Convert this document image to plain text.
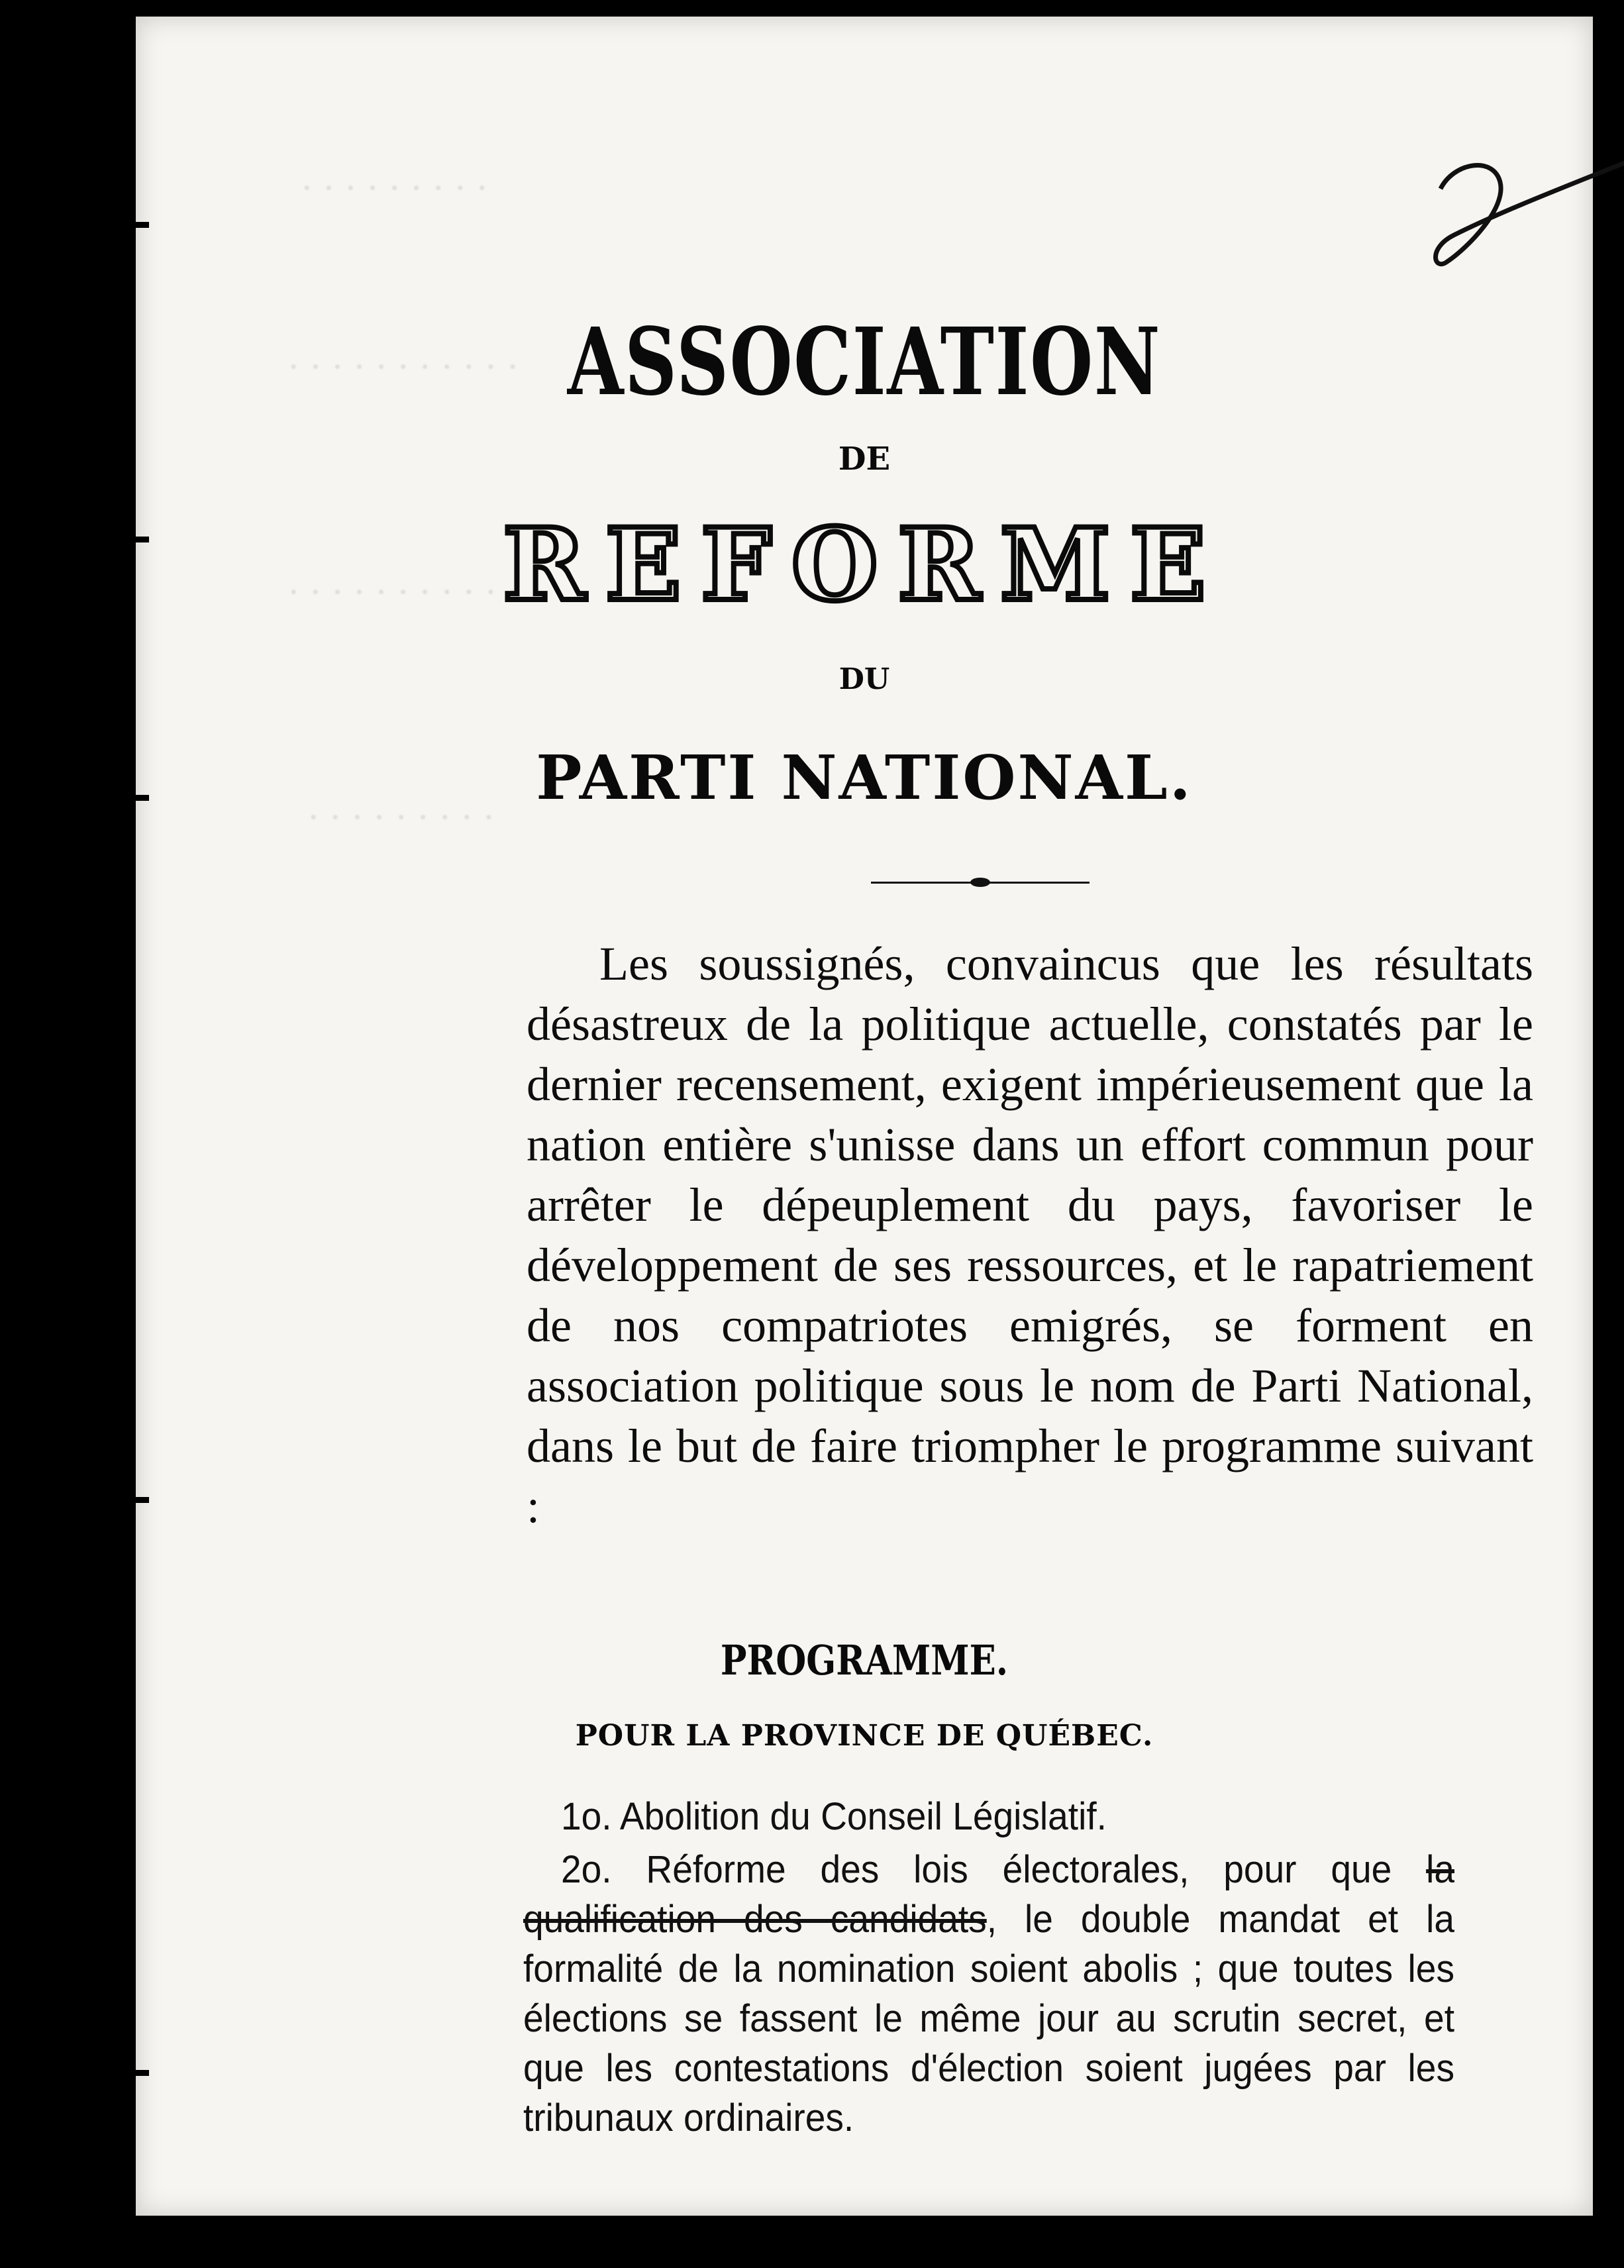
· · · · · · · · ·
· · · · · · · · · · ·
· · · · · · · · · · ·
· · · · · · · · ·
ASSOCIATION
DE
REFORME
DU
PARTI NATIONAL.
Les soussignés, convaincus que les résultats désastreux de la politique actuelle, constatés par le dernier recensement, exigent impérieusement que la nation entière s'unisse dans un effort commun pour arrêter le dépeuplement du pays, favoriser le développement de ses ressources, et le rapatriement de nos compatriotes emigrés, se forment en association politique sous le nom de Parti National, dans le but de faire triompher le programme suivant :
PROGRAMME.
POUR LA PROVINCE DE QUÉBEC.
1o. Abolition du Conseil Législatif.
2o. Réforme des lois électorales, pour que la qualification des candidats, le double mandat et la formalité de la nomination soient abolis ; que toutes les élections se fassent le même jour au scrutin secret, et que les contestations d'élection soient jugées par les tribunaux ordinaires.
